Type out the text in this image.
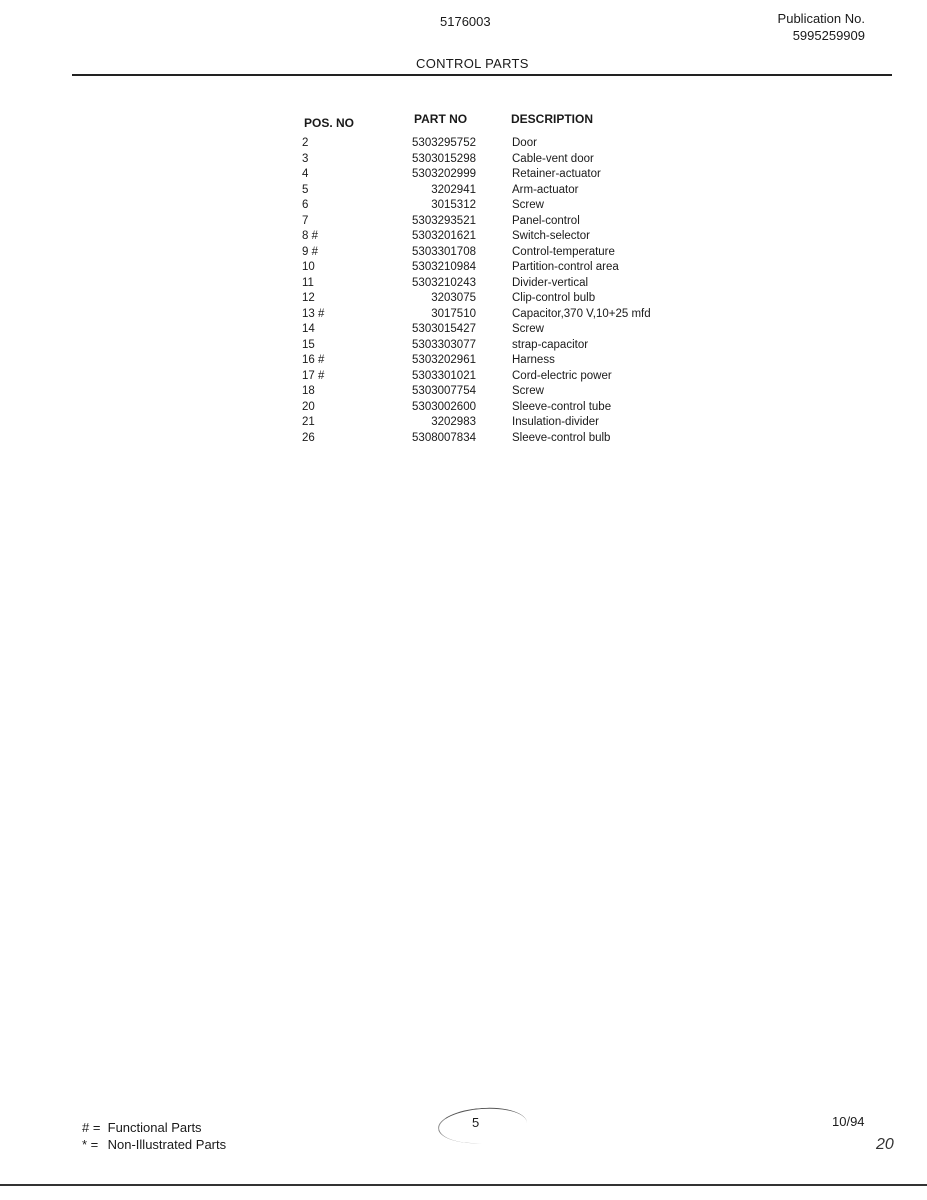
5176003	Publication No.
5995259909
CONTROL PARTS
POS. NO	PART NO	DESCRIPTION
2	5303295752	Door
3	5303015298	Cable-vent door
4	5303202999	Retainer-actuator
5	3202941	Arm-actuator
6	3015312	Screw
7	5303293521	Panel-control
8 #	5303201621	Switch-selector
9 #	5303301708	Control-temperature
10	5303210984	Partition-control area
11	5303210243	Divider-vertical
12	3203075	Clip-control bulb
13 #	3017510	Capacitor,370 V,10+25 mfd
14	5303015427	Screw
15	5303303077	strap-capacitor
16 #	5303202961	Harness
17 #	5303301021	Cord-electric power
18	5303007754	Screw
20	5303002600	Sleeve-control tube
21	3202983	Insulation-divider
26	5308007834	Sleeve-control bulb
# = Functional Parts
* = Non-Illustrated Parts
5	10/94
20
